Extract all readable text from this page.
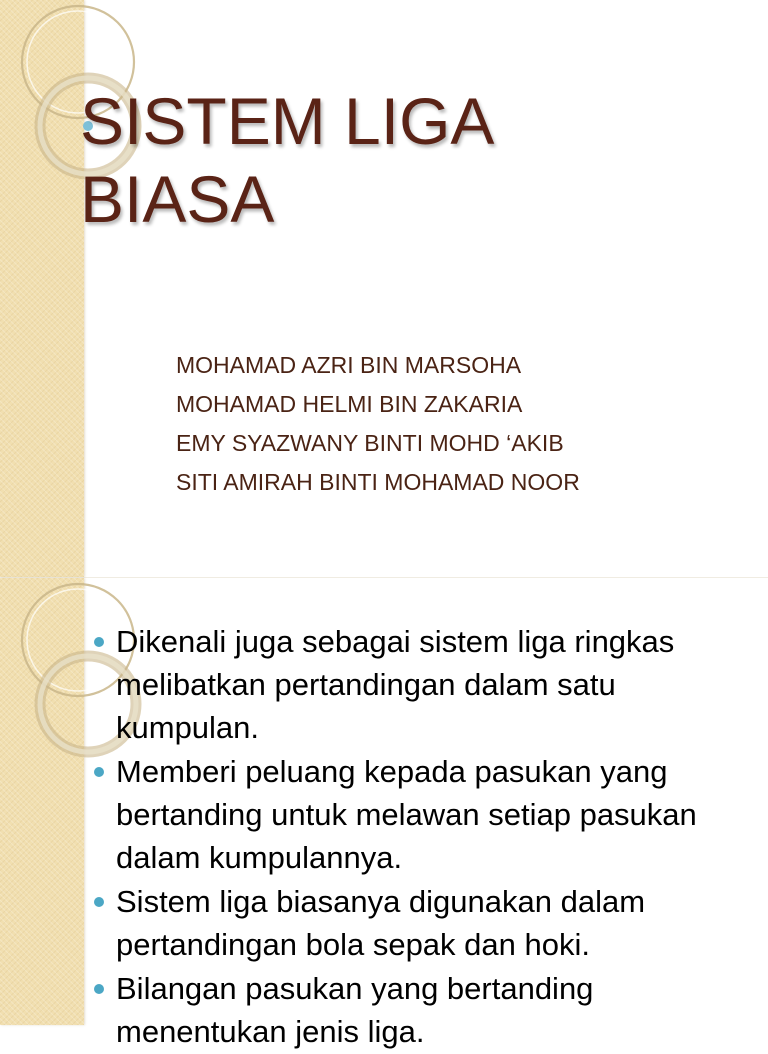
SISTEM LIGA
BIASA
MOHAMAD AZRI BIN MARSOHA
MOHAMAD HELMI BIN ZAKARIA
EMY SYAZWANY BINTI MOHD ‘AKIB
SITI AMIRAH BINTI MOHAMAD NOOR
Dikenali juga sebagai sistem liga ringkas melibatkan pertandingan dalam satu kumpulan.
Memberi peluang kepada pasukan yang bertanding untuk melawan setiap pasukan dalam kumpulannya.
Sistem liga biasanya digunakan dalam pertandingan bola sepak dan hoki.
Bilangan pasukan yang bertanding menentukan jenis liga.
